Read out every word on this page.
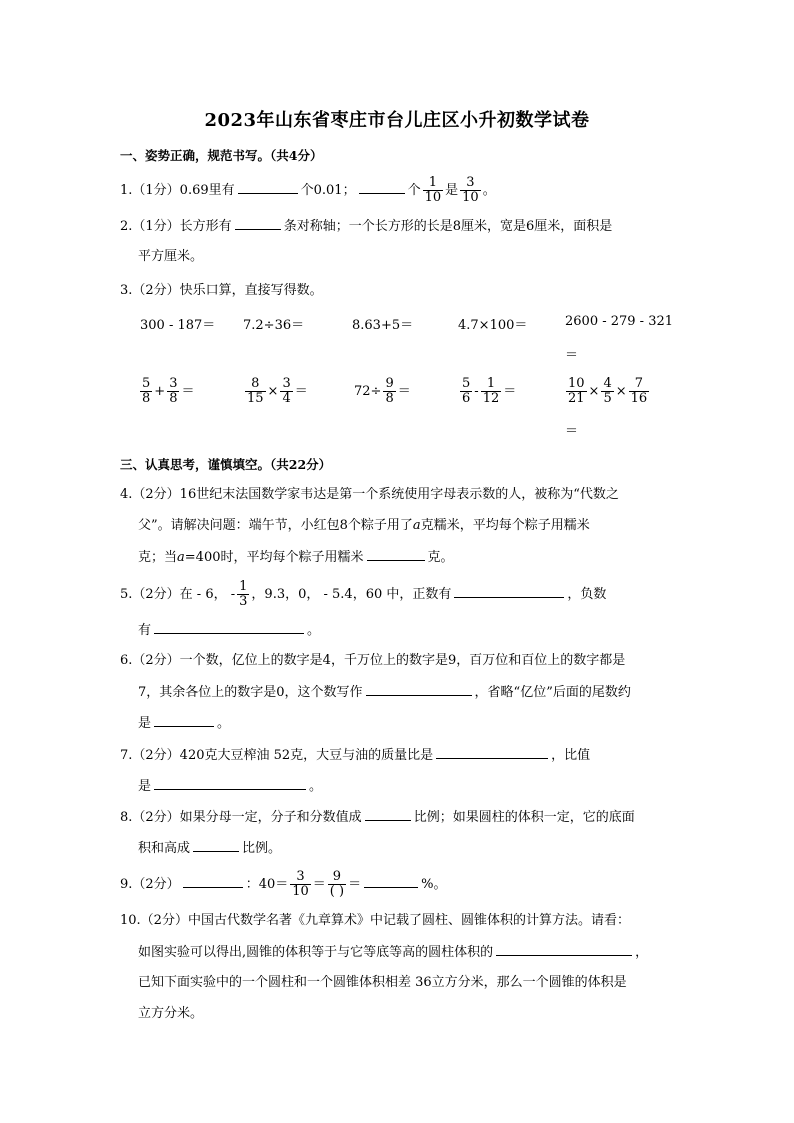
2023年山东省枣庄市台儿庄区小升初数学试卷
一、姿势正确，规范书写。（共4分）
1.（1分）0.69里有	个0.01；	个 $\frac{1}{10}$ 是 $\frac{3}{10}$ 。
2.（1分）长方形有	条对称轴；一个长方形的长是8厘米，宽是6厘米，面积是
平方厘米。
3.（2分）快乐口算，直接写得数。
300 - 187＝ 7.2÷36＝	8.63+5＝	4.7×100＝	2600 - 279 - 321
＝
$\frac{5}{8} + \frac{3}{8}$ ＝	$\frac{8}{15} \times \frac{3}{4}$ ＝	$72\div \frac{9}{8}$ ＝	$\frac{5}{6} - \frac{1}{12}$ ＝	$\frac{10}{21} \times \frac{4}{5} \times \frac{7}{16}$
＝
三、认真思考，谨慎填空。（共22分）
4.（2分）16世纪末法国数学家韦达是第一个系统使用字母表示数的人，被称为“代数之
父”。请解决问题：端午节，小红包8个粽子用了a克糯米，平均每个粽子用糯米
克；当a=400时，平均每个粽子用糯米	克。
5.（2分）在 - 6， - $\frac{1}{3}$ ，9.3，0， - 5.4，60 中，正数有	，负数
有	。
6.（2分）一个数，亿位上的数字是4，千万位上的数字是9，百万位和百位上的数字都是
7，其余各位上的数字是0，这个数写作	，省略“亿位”后面的尾数约
是	。
7.（2分）420克大豆榨油 52克，大豆与油的质量比是	，比值
是	。
8.（2分）如果分母一定，分子和分数值成	比例；如果圆柱的体积一定，它的底面
积和高成	比例。
9.（2分）	：$40= \frac{3}{10} = \frac{9}{( )}$ ＝	%。
10.（2分）中国古代数学名著《九章算术》中记载了圆柱、圆锥体积的计算方法。请看：
如图实验可以得出,圆锥的体积等于与它等底等高的圆柱体积的	，
已知下面实验中的一个圆柱和一个圆锥体积相差 36立方分米，那么一个圆锥的体积是
立方分米。
